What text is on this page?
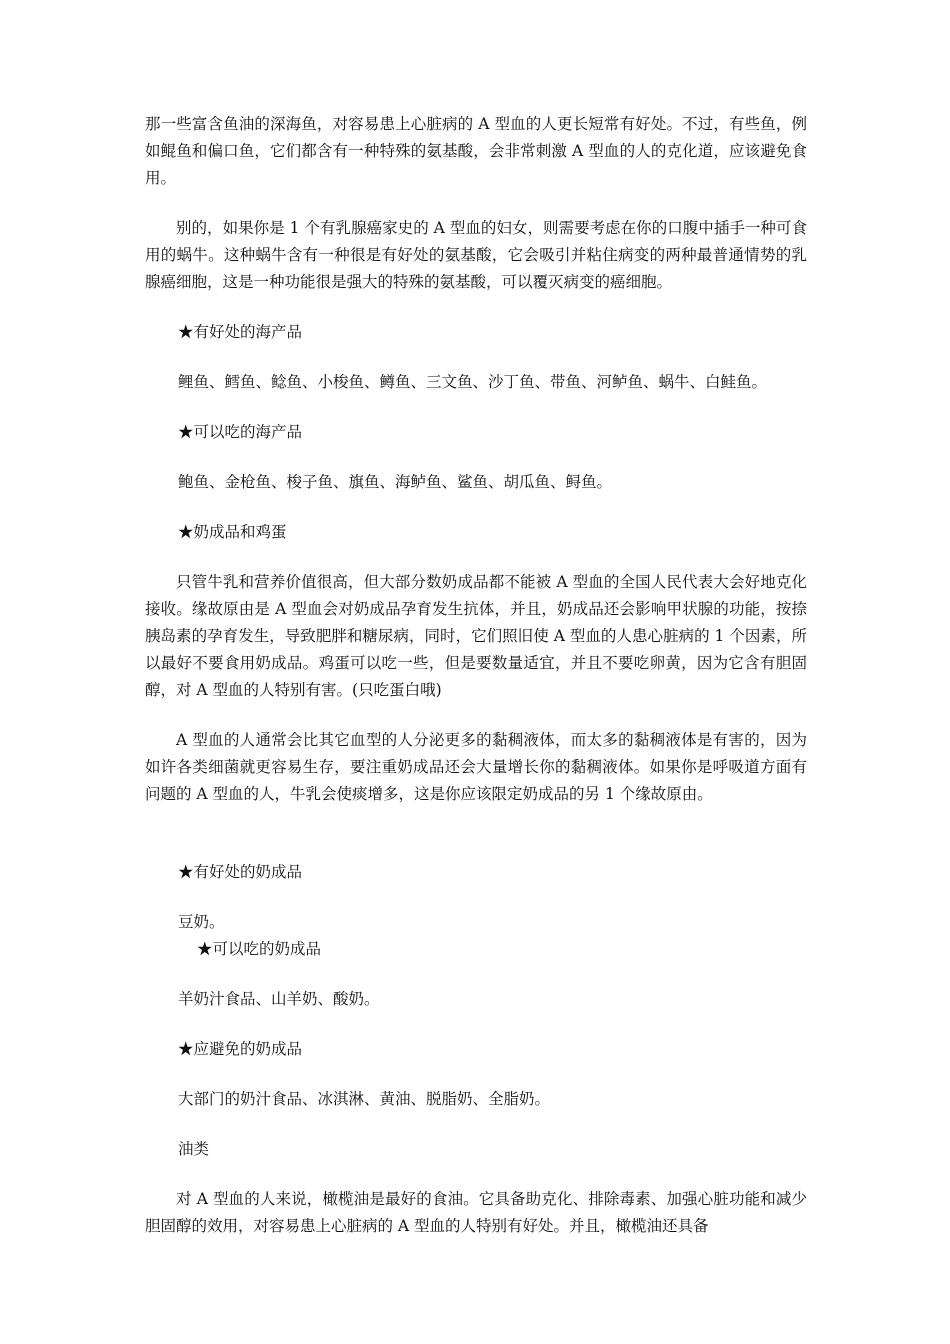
那一些富含鱼油的深海鱼，对容易患上心脏病的 A 型血的人更长短常有好处。不过，有些鱼，例如鲲鱼和偏口鱼，它们都含有一种特殊的氨基酸，会非常刺激 A 型血的人的克化道，应该避免食用。

别的，如果你是 1 个有乳腺癌家史的 A 型血的妇女，则需要考虑在你的口腹中插手一种可食用的蜗牛。这种蜗牛含有一种很是有好处的氨基酸，它会吸引并粘住病变的两种最普通情势的乳腺癌细胞，这是一种功能很是强大的特殊的氨基酸，可以覆灭病变的癌细胞。

★有好处的海产品

鲤鱼、鳕鱼、鲶鱼、小梭鱼、鳟鱼、三文鱼、沙丁鱼、带鱼、河鲈鱼、蜗牛、白鲑鱼。

★可以吃的海产品

鲍鱼、金枪鱼、梭子鱼、旗鱼、海鲈鱼、鲨鱼、胡瓜鱼、鲟鱼。

★奶成品和鸡蛋

只管牛乳和营养价值很高，但大部分数奶成品都不能被 A 型血的全国人民代表大会好地克化接收。缘故原由是 A 型血会对奶成品孕育发生抗体，并且，奶成品还会影响甲状腺的功能，按捺胰岛素的孕育发生，导致肥胖和糖尿病，同时，它们照旧使 A 型血的人患心脏病的 1 个因素，所以最好不要食用奶成品。鸡蛋可以吃一些，但是要数量适宜，并且不要吃卵黄，因为它含有胆固醇，对 A 型血的人特别有害。(只吃蛋白哦)

A 型血的人通常会比其它血型的人分泌更多的黏稠液体，而太多的黏稠液体是有害的，因为如许各类细菌就更容易生存，要注重奶成品还会大量增长你的黏稠液体。如果你是呼吸道方面有问题的 A 型血的人，牛乳会使痰增多，这是你应该限定奶成品的另 1 个缘故原由。

★有好处的奶成品

豆奶。

★可以吃的奶成品

羊奶汁食品、山羊奶、酸奶。

★应避免的奶成品

大部门的奶汁食品、冰淇淋、黄油、脱脂奶、全脂奶。

油类

对 A 型血的人来说，橄榄油是最好的食油。它具备助克化、排除毒素、加强心脏功能和减少胆固醇的效用，对容易患上心脏病的 A 型血的人特别有好处。并且，橄榄油还具备
